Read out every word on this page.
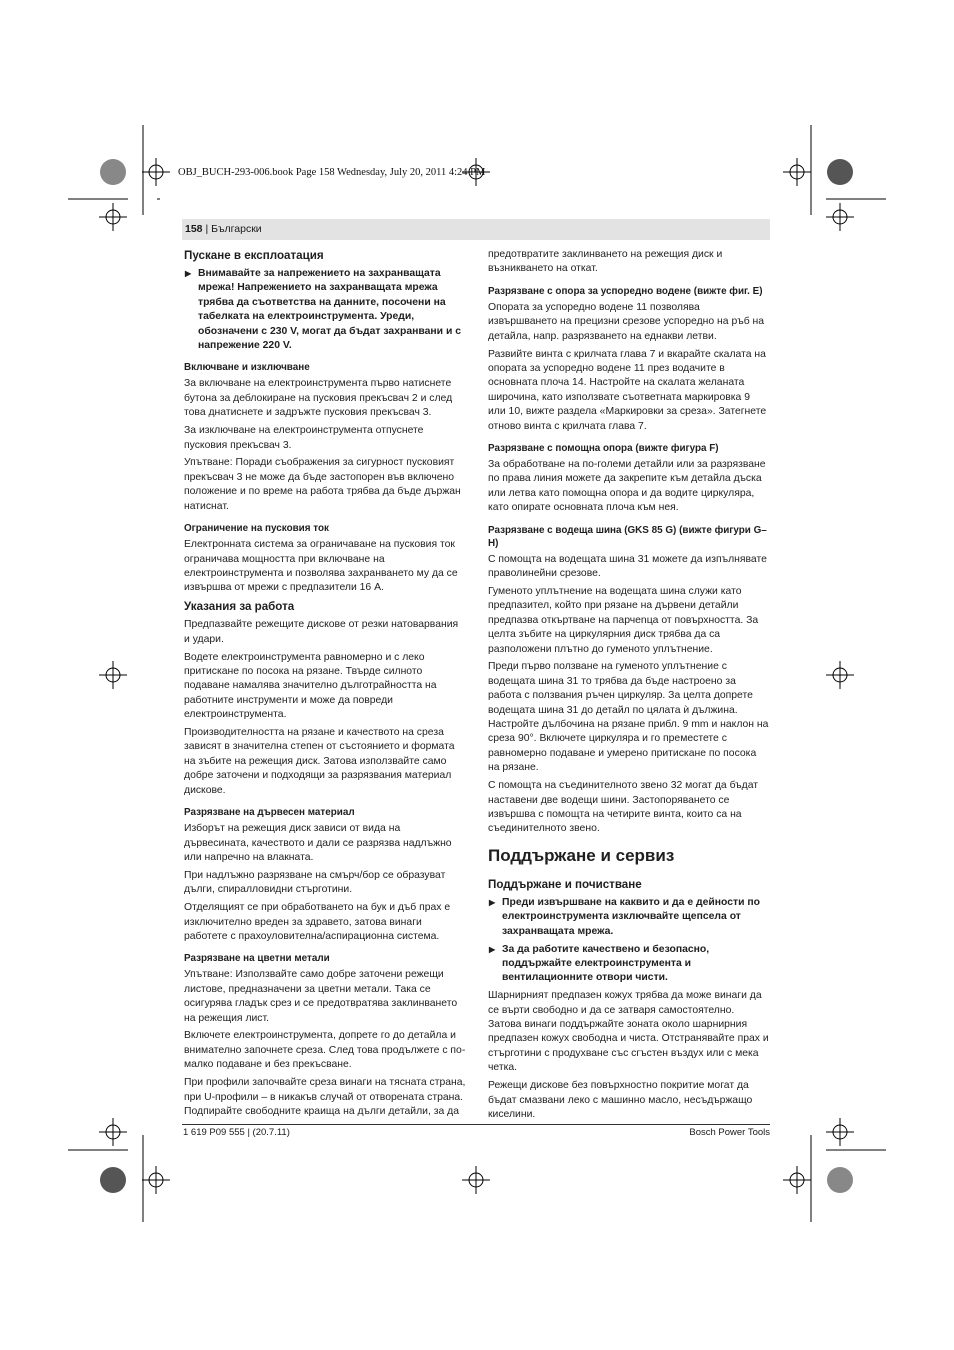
OBJ_BUCH-293-006.book Page 158 Wednesday, July 20, 2011 4:24 PM
158 | Български
Пускане в експлоатация

▶ Внимавайте за напрежението на захранващата мрежа! Напрежението на захранващата мрежа трябва да съответства на данните, посочени на табелката на електроинструмента. Уреди, обозначени с 230 V, могат да бъдат захранвани и с напрежение 220 V.

Включване и изключване

За включване на електроинструмента първо натиснете бутона за деблокиране на пусковия прекъсвач 2 и след това днатиснете и задръжте пусковия прекъсвач 3.

За изключване на електроинструмента отпуснете пусковия прекъсвач 3.

Упътване: Поради съображения за сигурност пусковият прекъсвач 3 не може да бъде застопорен във включено положение и по време на работа трябва да бъде държан натиснат.

Ограничение на пусковия ток

Електронната система за ограничаване на пусковия ток ограничава мощността при включване на електроинструмента и позволява захранването му да се извършва от мрежи с предпазители 16 A.

Указания за работа

Предпазвайте режещите дискове от резки натоварвания и удари.

Водете електроинструмента равномерно и с леко притискане по посока на рязане. Твърде силното подаване намалява значително дълготрайността на работните инструменти и може да повреди електроинструмента.

Производителността на рязане и качеството на среза зависят в значителна степен от състоянието и формата на зъбите на режещия диск. Затова използвайте само добре заточени и подходящи за разрязвания материал дискове.

Разрязване на дървесен материал

Изборът на режещия диск зависи от вида на дървесината, качеството и дали се разрязва надлъжно или напречно на влакната.

При надлъжно разрязване на смърч/бор се образуват дълги, спиралловидни стърготини.

Отделящият се при обработването на бук и дъб прах е изключително вреден за здравето, затова винаги работете с прахоуловителна/аспирационна система.

Разрязване на цветни метали

Упътване: Използвайте само добре заточени режещи листове, предназначени за цветни метали. Така се осигурява гладък срез и се предотвратява заклинването на режещия лист.

Включете електроинструмента, допрете го до детайла и внимателно започнете среза. След това продължете с по-малко подаване и без прекъсване.

При профили започвайте среза винаги на тясната страна, при U-профили – в никакъв случай от отворената страна. Подпирайте свободните краища на дълги детайли, за да

предотвратите заклинването на режещия диск и възникването на откат.

Разрязване с опора за успоредно водене (вижте фиг. E)

Опората за успоредно водене 11 позволява извършването на прецизни срезове успоредно на ръб на детайла, напр. разрязването на еднакви летви.

Развийте винта с крилчата глава 7 и вкарайте скалата на опората за успоредно водене 11 през водачите в основната плоча 14. Настройте на скалата желаната широчина, като използвате съответната маркировка 9 или 10, вижте раздела «Маркировки за среза». Затегнете отново винта с крилчата глава 7.

Разрязване с помощна опора (вижте фигура F)

За обработване на по-големи детайли или за разрязване по права линия можете да закрепите към детайла дъска или летва като помощна опора и да водите циркуляра, като опирате основната плоча към нея.

Разрязване с водеща шина (GKS 85 G) (вижте фигури G–H)

С помощта на водещата шина 31 можете да изпълнявате праволинейни срезове.

Гуменото уплътнение на водещата шина служи като предпазител, който при рязане на дървени детайли предпазва откъртване на парчеnца от повърхността. За целта зъбите на циркулярния диск трябва да са разположени плътно до гуменото уплътнение.

Преди първо ползване на гуменото уплътнение с водещата шина 31 то трябва да бъде настроено за работа с ползвания ръчен циркуляр. За целта допрете водещата шина 31 до детайл по цялата ѝ дължина. Настройте дълбочина на рязане прибл. 9 mm и наклон на среза 90°. Включете циркуляра и го преместете с равномерно подаване и умерено притискане по посока на рязане.

С помощта на съединителното звено 32 могат да бъдат наставени две водещи шини. Застопоряването се извършва с помощта на четирите винта, които са на съединителното звено.

Поддържане и сервиз
Поддържане и почистване

▶ Преди извършване на каквито и да е дейности по електроинструмента изключвайте щепсела от захранващата мрежа.

▶ За да работите качествено и безопасно, поддържайте електроинструмента и вентилационните отвори чисти.

Шарнирният предпазен кожух трябва да може винаги да се върти свободно и да се затваря самостоятелно. Затова винаги поддържайте зоната около шарнирния предпазен кожух свободна и чиста. Отстранявайте прах и стърготини с продухване със сгъстен въздух или с мека четка.

Режещи дискове без повърхностно покритие могат да бъдат смазвани леко с машинно масло, несъдържащо киселини.

1 619 P09 555 | (20.7.11)	Bosch Power Tools
